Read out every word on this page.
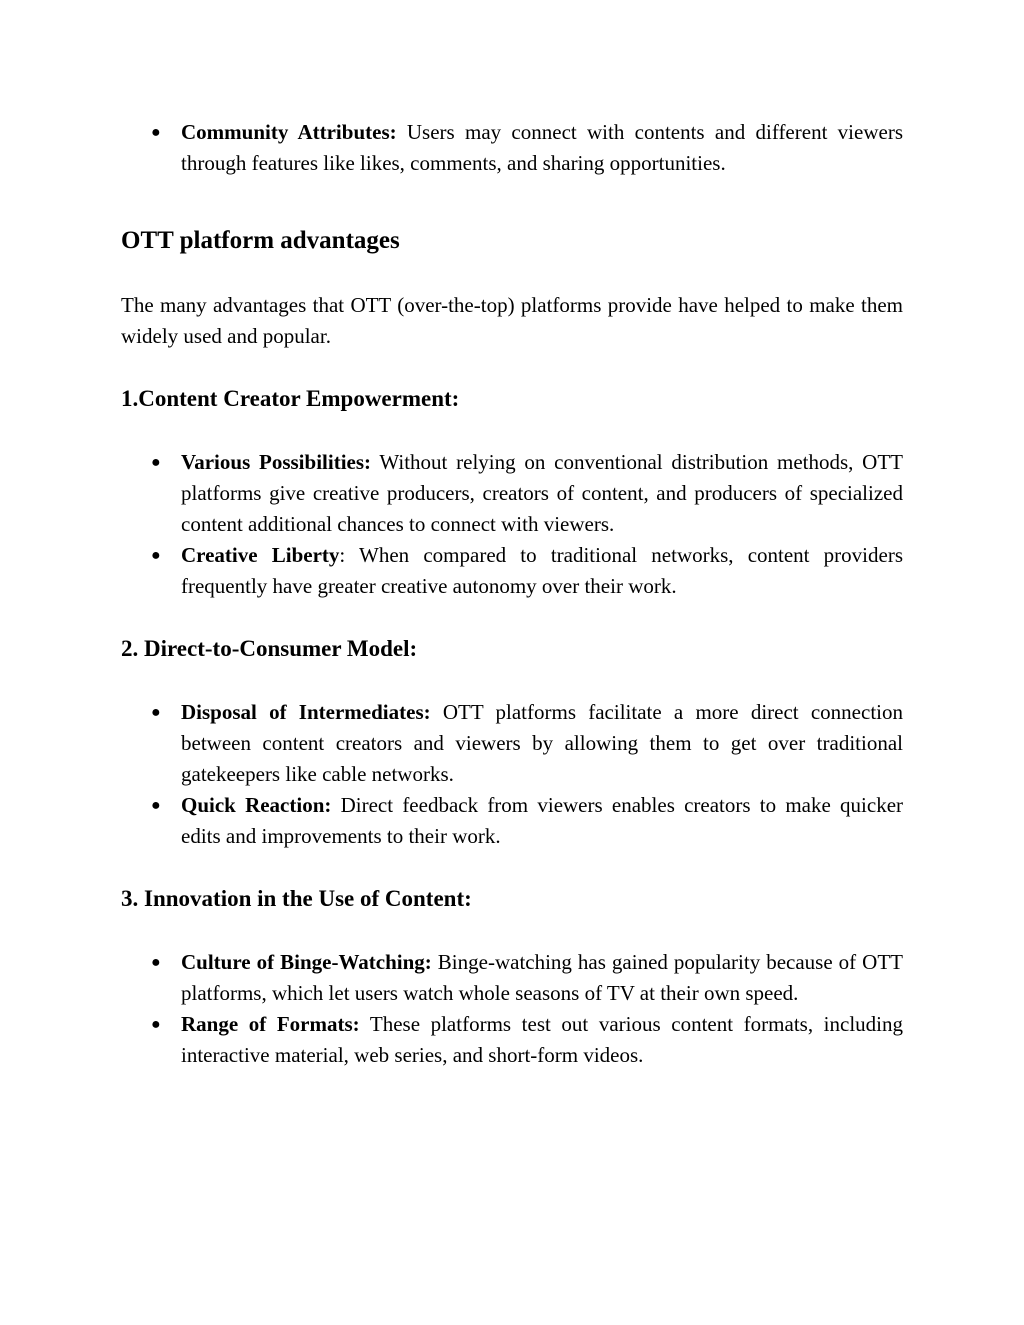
● Community Attributes: Users may connect with contents and different viewers through features like likes, comments, and sharing opportunities.
OTT platform advantages

The many advantages that OTT (over-the-top) platforms provide have helped to make them widely used and popular.

1.Content Creator Empowerment:
● Various Possibilities: Without relying on conventional distribution methods, OTT platforms give creative producers, creators of content, and producers of specialized content additional chances to connect with viewers.
● Creative Liberty: When compared to traditional networks, content providers frequently have greater creative autonomy over their work.
2. Direct-to-Consumer Model:
● Disposal of Intermediates: OTT platforms facilitate a more direct connection between content creators and viewers by allowing them to get over traditional gatekeepers like cable networks.
● Quick Reaction: Direct feedback from viewers enables creators to make quicker edits and improvements to their work.
3. Innovation in the Use of Content:
● Culture of Binge-Watching: Binge-watching has gained popularity because of OTT platforms, which let users watch whole seasons of TV at their own speed.
● Range of Formats: These platforms test out various content formats, including interactive material, web series, and short-form videos.
